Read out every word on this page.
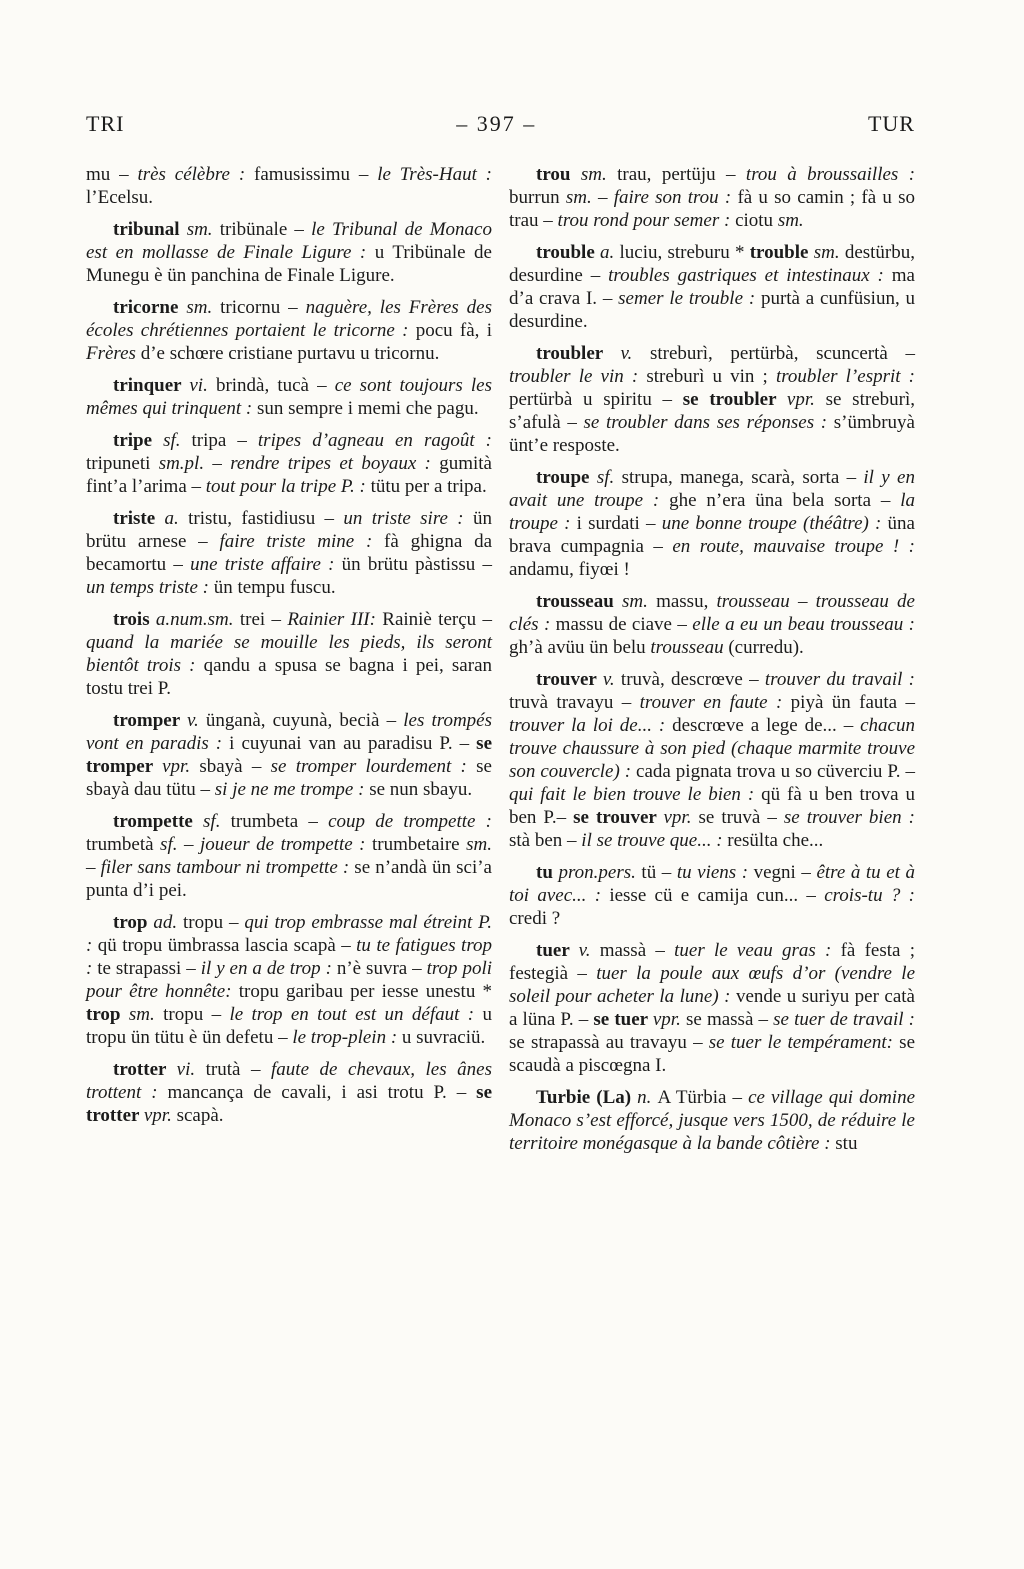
TRI	– 397 –	TUR

mu – très célèbre : famusissimu – le Très-Haut : l’Ecelsu.

tribunal sm. tribünale – le Tribunal de Monaco est en mollasse de Finale Ligure : u Tribünale de Munegu è ün panchina de Finale Ligure.

tricorne sm. tricornu – naguère, les Frères des écoles chrétiennes portaient le tricorne : pocu fà, i Frères d’e schœre cristiane purtavu u tricornu.

trinquer vi. brindà, tucà – ce sont toujours les mêmes qui trinquent : sun sempre i memi che pagu.

tripe sf. tripa – tripes d’agneau en ragoût : tripuneti sm.pl. – rendre tripes et boyaux : gumità fint’a l’arima – tout pour la tripe P. : tütu per a tripa.

triste a. tristu, fastidiusu – un triste sire : ün brütu arnese – faire triste mine : fà ghigna da becamortu – une triste affaire : ün brütu pàstissu – un temps triste : ün tempu fuscu.

trois a.num.sm. trei – Rainier III: Rainiè terçu – quand la mariée se mouille les pieds, ils seront bientôt trois : qandu a spusa se bagna i pei, saran tostu trei P.

tromper v. ünganà, cuyunà, becià – les trompés vont en paradis : i cuyunai van au paradisu P. – se tromper vpr. sbayà – se tromper lourdement : se sbayà dau tütu – si je ne me trompe : se nun sbayu.

trompette sf. trumbeta – coup de trompette : trumbetà sf. – joueur de trompette : trumbetaire sm. – filer sans tambour ni trompette : se n’andà ün sci’a punta d’i pei.

trop ad. tropu – qui trop embrasse mal étreint P. : qü tropu ümbrassa lascia scapà – tu te fatigues trop : te strapassi – il y en a de trop : n’è suvra – trop poli pour être honnête: tropu garibau per iesse unestu * trop sm. tropu – le trop en tout est un défaut : u tropu ün tütu è ün defetu – le trop-plein : u suvraciü.

trotter vi. trutà – faute de chevaux, les ânes trottent : mancança de cavali, i asi trotu P. – se trotter vpr. scapà.

trou sm. trau, pertüju – trou à broussailles : burrun sm. – faire son trou : fà u so camin ; fà u so trau – trou rond pour semer : ciotu sm.

trouble a. luciu, streburu * trouble sm. destürbu, desurdine – troubles gastriques et intestinaux : ma d’a crava I. – semer le trouble : purtà a cunfüsiun, u desurdine.

troubler v. streburì, pertürbà, scuncertà – troubler le vin : streburì u vin ; troubler l’esprit : pertürbà u spiritu – se troubler vpr. se streburì, s’afulà – se troubler dans ses réponses : s’ümbruyà ünt’e resposte.

troupe sf. strupa, manega, scarà, sorta – il y en avait une troupe : ghe n’era üna bela sorta – la troupe : i surdati – une bonne troupe (théâtre) : üna brava cumpagnia – en route, mauvaise troupe ! : andamu, fiyœi !

trousseau sm. massu, trousseau – trousseau de clés : massu de ciave – elle a eu un beau trousseau : gh’à avüu ün belu trousseau (curredu).

trouver v. truvà, descrœve – trouver du travail : truvà travayu – trouver en faute : piyà ün fauta – trouver la loi de... : descrœve a lege de... – chacun trouve chaussure à son pied (chaque marmite trouve son couvercle) : cada pignata trova u so cüverciu P. – qui fait le bien trouve le bien : qü fà u ben trova u ben P.– se trouver vpr. se truvà – se trouver bien : stà ben – il se trouve que... : resülta che...

tu pron.pers. tü – tu viens : vegni – être à tu et à toi avec... : iesse cü e camija cun... – crois-tu ? : credi ?

tuer v. massà – tuer le veau gras : fà festa ; festegià – tuer la poule aux œufs d’or (vendre le soleil pour acheter la lune) : vende u suriyu per catà a lüna P. – se tuer vpr. se massà – se tuer de travail : se strapassà au travayu – se tuer le tempérament: se scaudà a piscœgna I.

Turbie (La) n. A Türbia – ce village qui domine Monaco s’est efforcé, jusque vers 1500, de réduire le territoire monégasque à la bande côtière : stu
